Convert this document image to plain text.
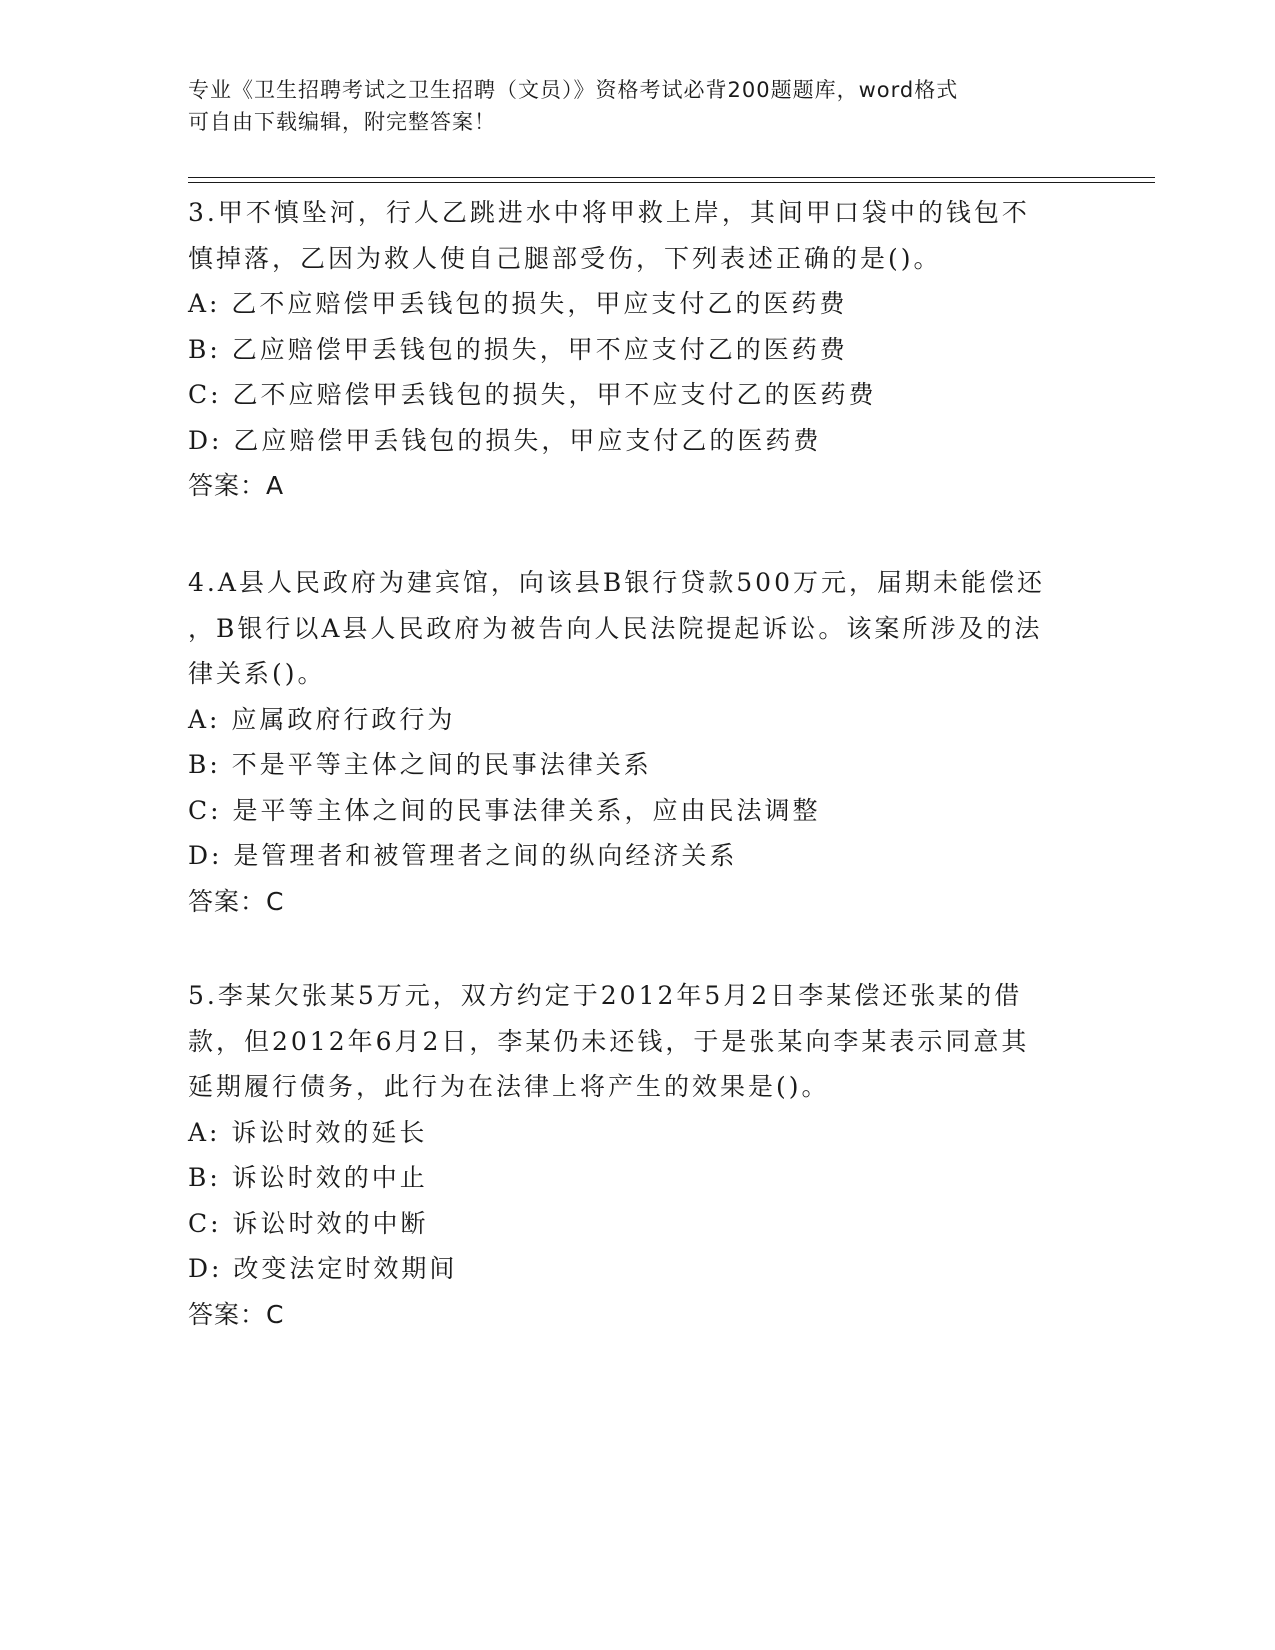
专业《卫生招聘考试之卫生招聘（文员）》资格考试必背200题题库，word格式
可自由下载编辑，附完整答案！
3.甲不慎坠河，行人乙跳进水中将甲救上岸，其间甲口袋中的钱包不
慎掉落，乙因为救人使自己腿部受伤，下列表述正确的是()。
A: 乙不应赔偿甲丢钱包的损失，甲应支付乙的医药费
B: 乙应赔偿甲丢钱包的损失，甲不应支付乙的医药费
C: 乙不应赔偿甲丢钱包的损失，甲不应支付乙的医药费
D: 乙应赔偿甲丢钱包的损失，甲应支付乙的医药费
答案：A
4.A县人民政府为建宾馆，向该县B银行贷款500万元，届期未能偿还
，B银行以A县人民政府为被告向人民法院提起诉讼。该案所涉及的法
律关系()。
A: 应属政府行政行为
B: 不是平等主体之间的民事法律关系
C: 是平等主体之间的民事法律关系，应由民法调整
D: 是管理者和被管理者之间的纵向经济关系
答案：C
5.李某欠张某5万元，双方约定于2012年5月2日李某偿还张某的借
款，但2012年6月2日，李某仍未还钱，于是张某向李某表示同意其
延期履行债务，此行为在法律上将产生的效果是()。
A: 诉讼时效的延长
B: 诉讼时效的中止
C: 诉讼时效的中断
D: 改变法定时效期间
答案：C
